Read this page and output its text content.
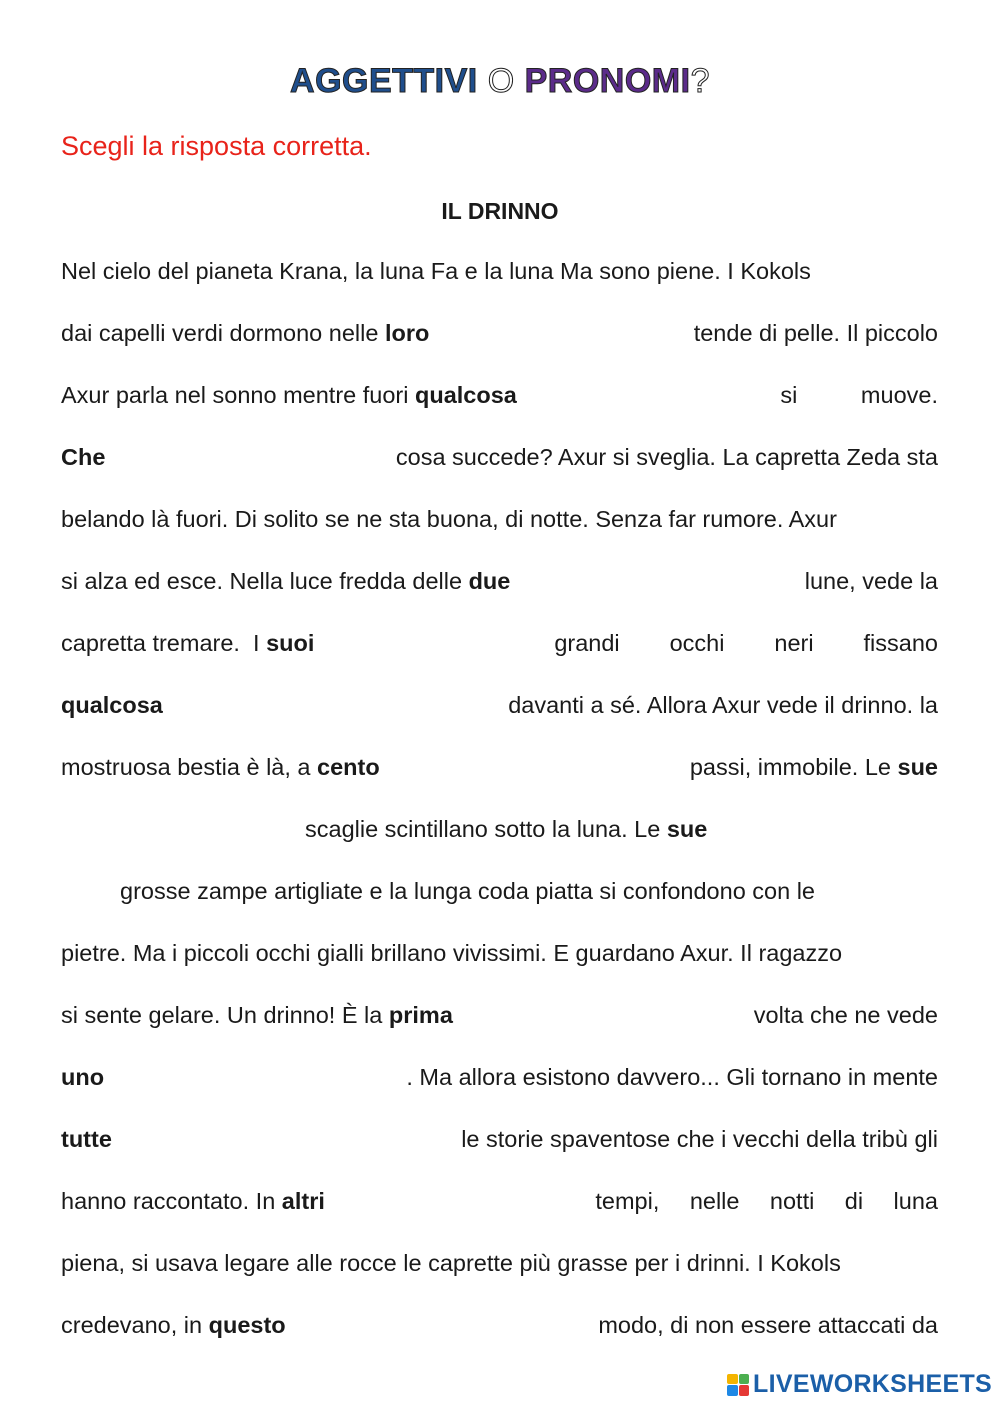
AGGETTIVI O PRONOMI?
Scegli la risposta corretta.
IL DRINNO
Nel cielo del pianeta Krana, la luna Fa e la luna Ma sono piene. I Kokols
dai capelli verdi dormono nelle loro	tende di pelle. Il piccolo
Axur parla nel sonno mentre fuori qualcosa	si	muove.
Che	cosa succede? Axur si sveglia. La capretta Zeda sta
belando là fuori. Di solito se ne sta buona, di notte. Senza far rumore. Axur
si alza ed esce. Nella luce fredda delle due	lune, vede la
capretta tremare.  I suoi	grandi occhi neri fissano
qualcosa	davanti a sé. Allora Axur vede il drinno. la
mostruosa bestia è là, a cento	passi, immobile. Le sue
scaglie scintillano sotto la luna. Le sue
grosse zampe artigliate e la lunga coda piatta si confondono con le
pietre. Ma i piccoli occhi gialli brillano vivissimi. E guardano Axur. Il ragazzo
si sente gelare. Un drinno! È la prima	volta che ne vede
uno	. Ma allora esistono davvero... Gli tornano in mente
tutte	le storie spaventose che i vecchi della tribù gli
hanno raccontato. In altri	tempi, nelle notti di luna
piena, si usava legare alle rocce le caprette più grasse per i drinni. I Kokols
credevano, in questo	modo, di non essere attaccati da
LIVEWORKSHEETS
